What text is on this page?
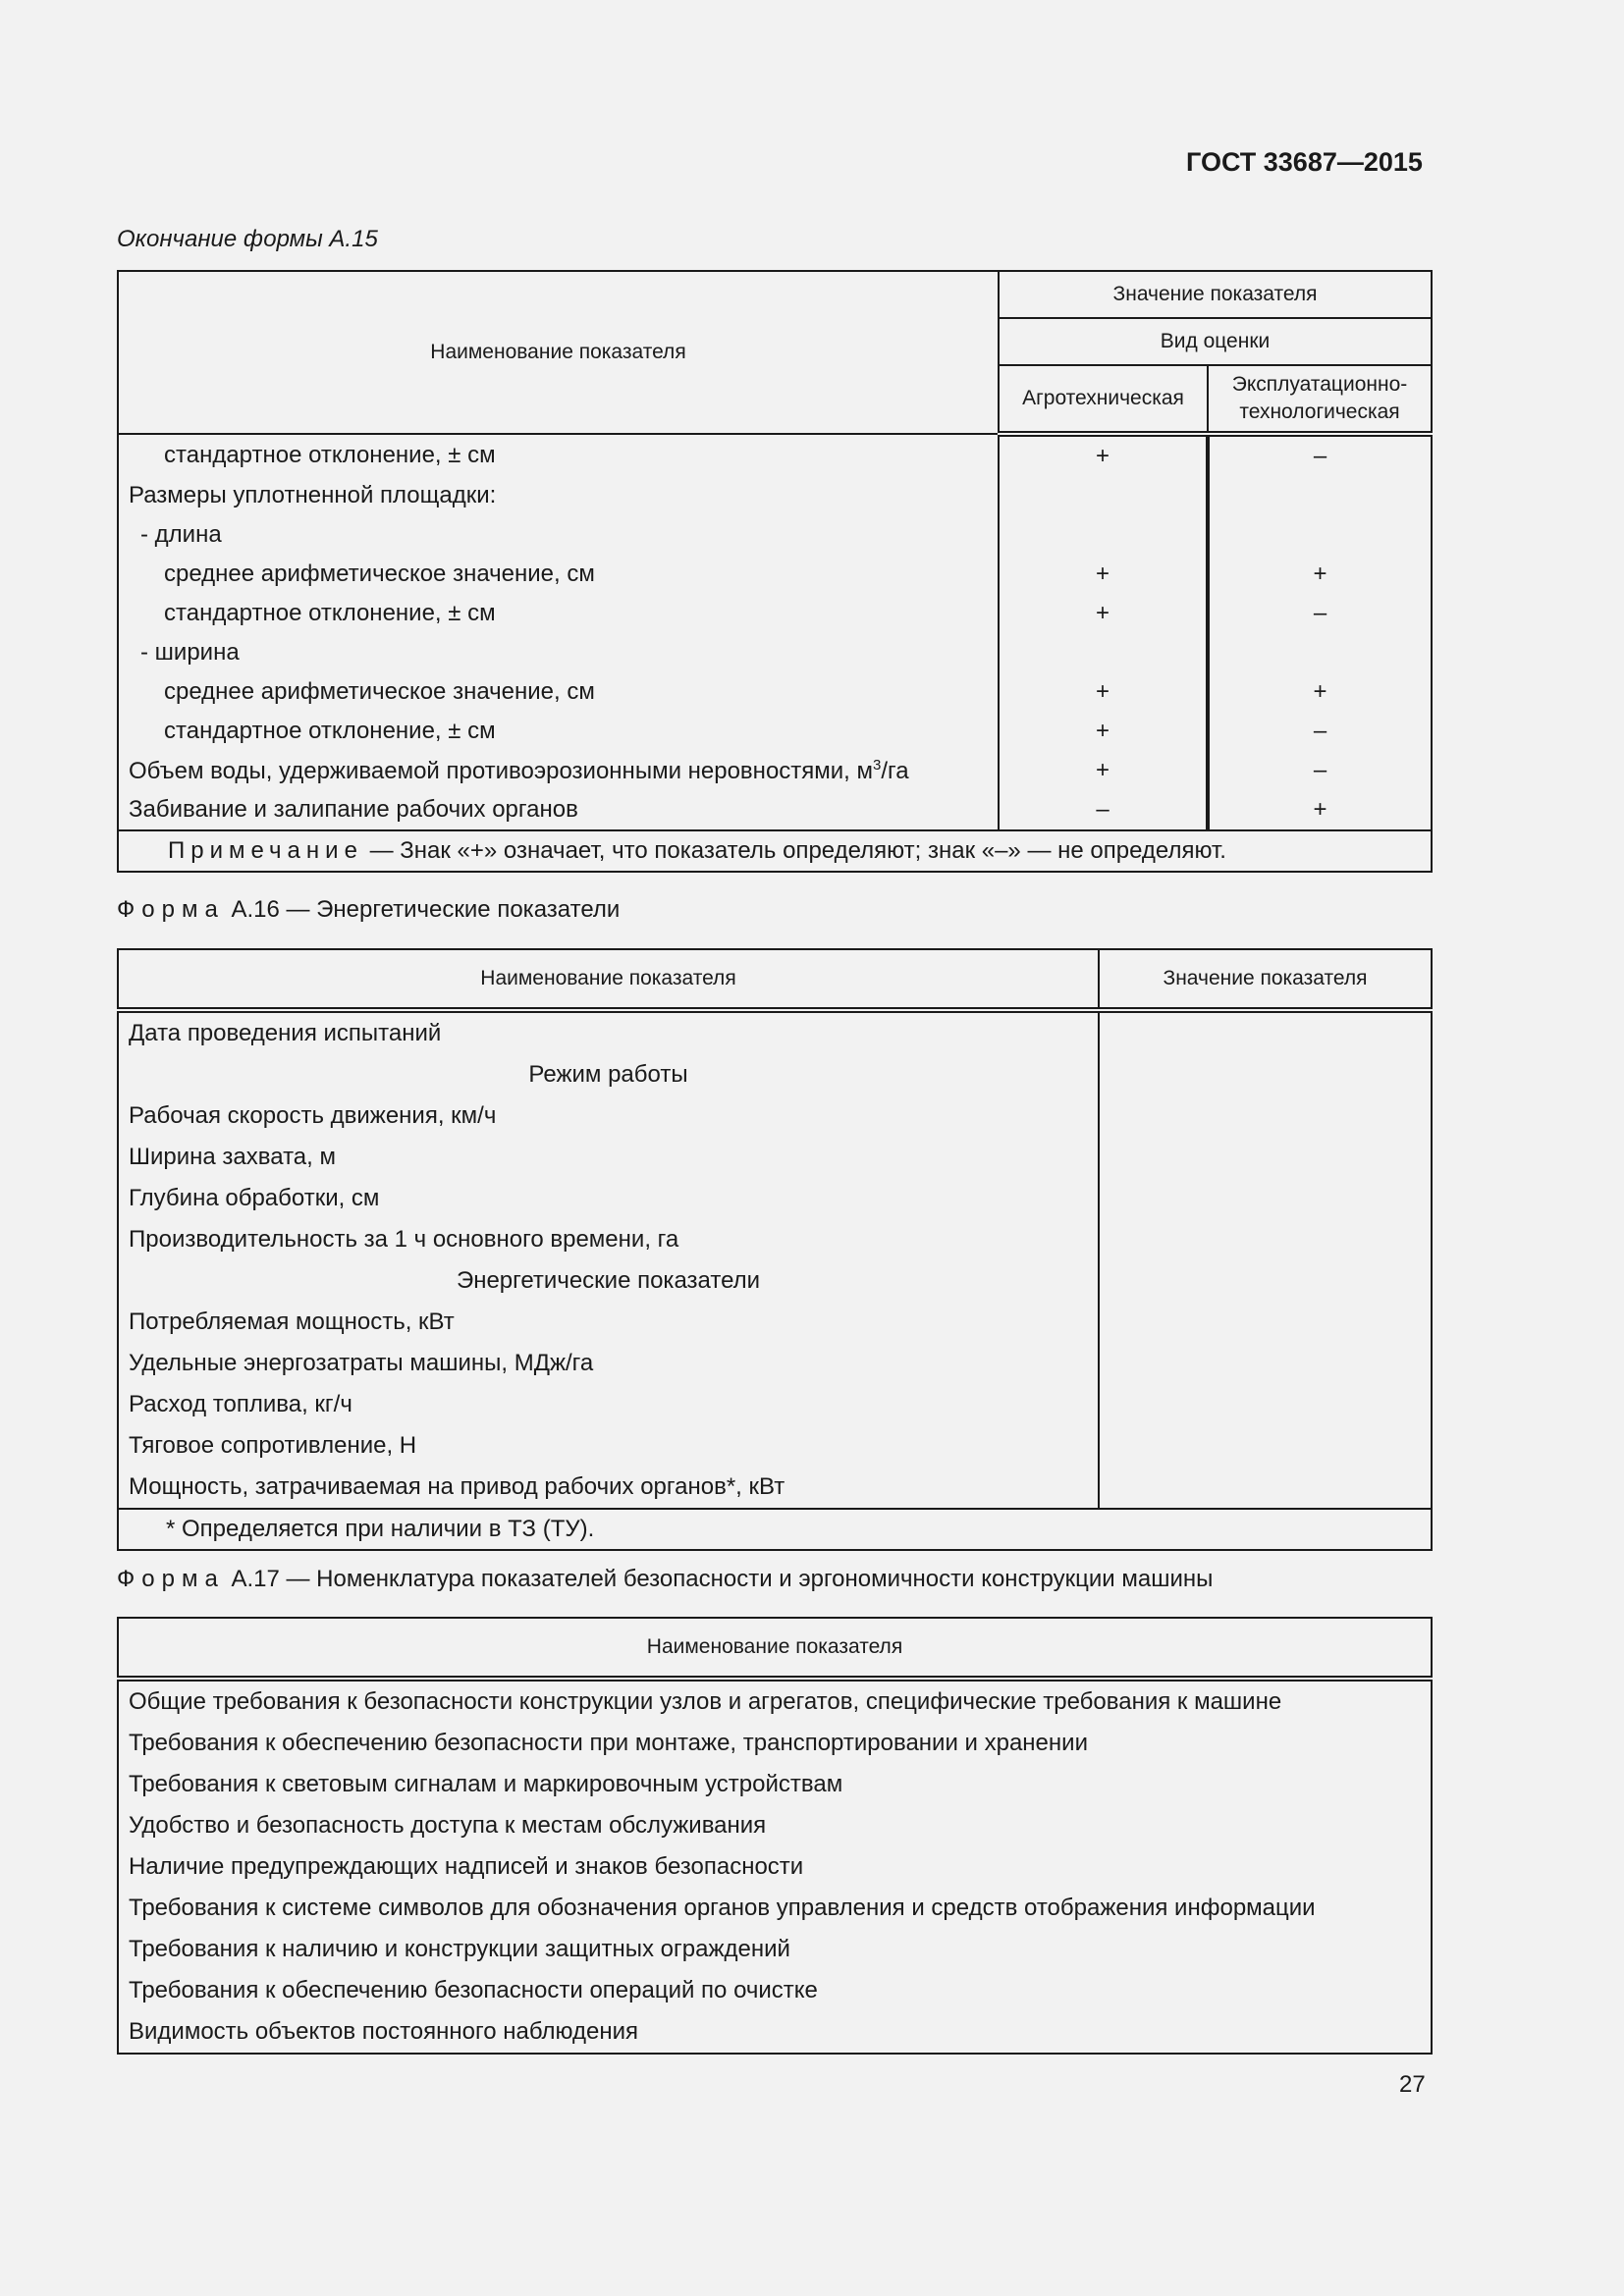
ГОСТ 33687—2015
Окончание формы А.15
Наименование показателя	Значение показателя	
	Вид оценки	
	Агротехническая	Эксплуатационно-технологическая
стандартное отклонение, ± см	+	–
Размеры уплотненной площадки:		
- длина		
среднее арифметическое значение, см	+	+
стандартное отклонение, ± см	+	–
- ширина		
среднее арифметическое значение, см	+	+
стандартное отклонение, ± см	+	–
Объем воды, удерживаемой противоэрозионными неровностями, $м^3/га$	+	–
Забивание и залипание рабочих органов	–	+
Примечание — Знак «+» означает, что показатель определяют; знак «–» — не определяют.		
Форма А.16 — Энергетические показатели
Наименование показателя	Значение показателя
Дата проведения испытаний	
Режим работы	
Рабочая скорость движения, км/ч	
Ширина захвата, м	
Глубина обработки, см	
Производительность за 1 ч основного времени, га	
Энергетические показатели	
Потребляемая мощность, кВт	
Удельные энергозатраты машины, МДж/га	
Расход топлива, кг/ч	
Тяговое сопротивление, Н	
Мощность, затрачиваемая на привод рабочих органов*, кВт	
* Определяется при наличии в ТЗ (ТУ).	
Форма А.17 — Номенклатура показателей безопасности и эргономичности конструкции машины
Наименование показателя
Общие требования к безопасности конструкции узлов и агрегатов, специфические требования к машине
Требования к обеспечению безопасности при монтаже, транспортировании и хранении
Требования к световым сигналам и маркировочным устройствам
Удобство и безопасность доступа к местам обслуживания
Наличие предупреждающих надписей и знаков безопасности
Требования к системе символов для обозначения органов управления и средств отображения информации
Требования к наличию и конструкции защитных ограждений
Требования к обеспечению безопасности операций по очистке
Видимость объектов постоянного наблюдения
27
